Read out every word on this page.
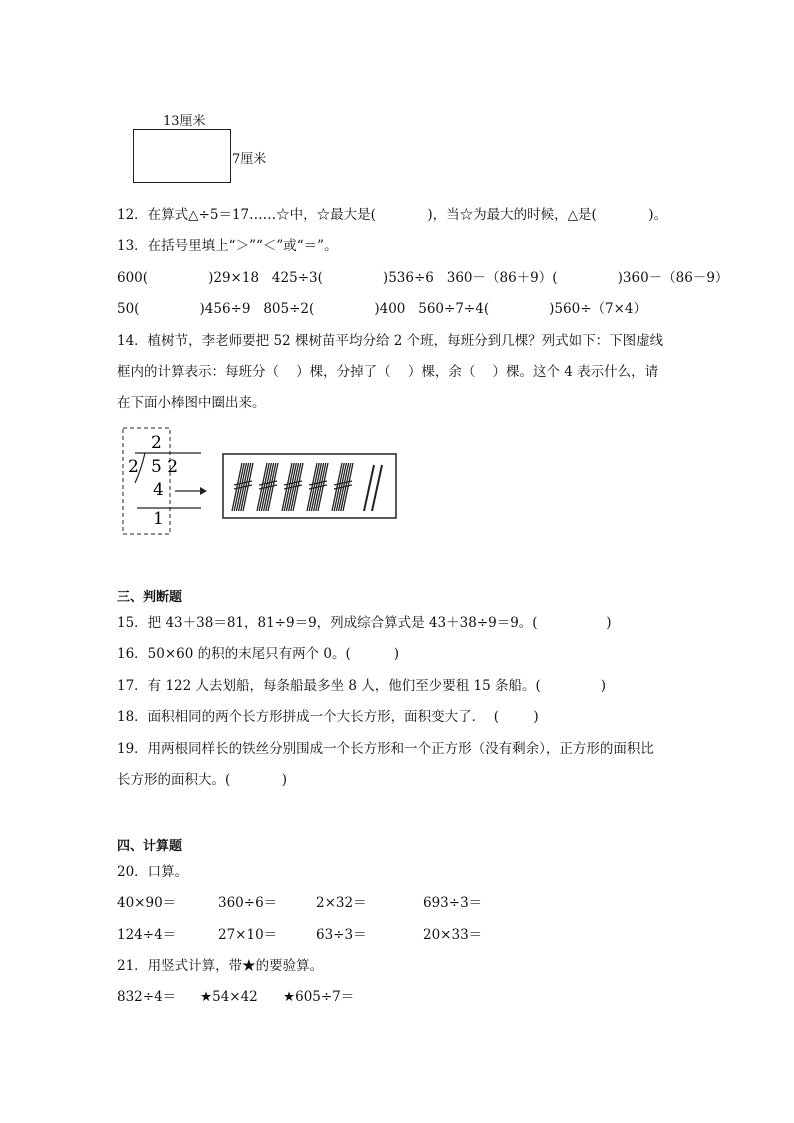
13厘米
7厘米
12．在算式△÷5＝17……☆中，☆最大是(            )，当☆为最大的时候，△是(            )。
13．在括号里填上“＞”“＜”或“＝”。
600(              )29×18   425÷3(              )536÷6   360－（86＋9）(              )360－（86－9）
50(              )456÷9   805÷2(              )400   560÷7÷4(              )560÷（7×4）
14．植树节，李老师要把 52 棵树苗平均分给 2 个班，每班分到几棵？列式如下：下图虚线
框内的计算表示：每班分（    ）棵，分掉了（    ）棵，余（    ）棵。这个 4 表示什么，请
在下面小棒图中圈出来。
2
2 5 2
4
1
三、判断题
15．把 43＋38＝81，81÷9＝9，列成综合算式是 43＋38÷9＝9。(                )
16．50×60 的积的末尾只有两个 0。(          )
17．有 122 人去划船，每条船最多坐 8 人，他们至少要租 15 条船。(              )
18．面积相同的两个长方形拼成一个大长方形，面积变大了．  (        )
19．用两根同样长的铁丝分别围成一个长方形和一个正方形（没有剩余），正方形的面积比
长方形的面积大。(            )
四、计算题
20．口算。
40×90＝	360÷6＝	2×32＝	693÷3＝
124÷4＝	27×10＝	63÷3＝	20×33＝
21．用竖式计算，带★的要验算。
832÷4＝ ★54×42 ★605÷7＝
